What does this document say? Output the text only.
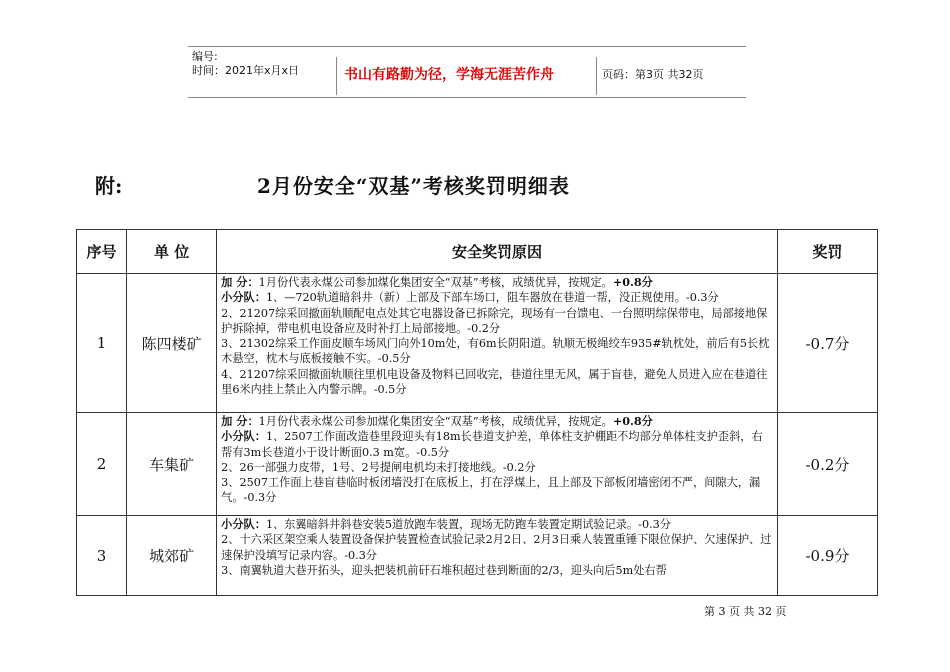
编号:
时间：2021年x月x日	书山有路勤为径，学海无涯苦作舟	页码：第3页 共32页
附:	2月份安全“双基”考核奖罚明细表
序号	单 位	安全奖罚原因	奖罚
1	陈四楼矿	加 分：1月份代表永煤公司参加煤化集团安全“双基”考核，成绩优异，按规定。+0.8分
小分队：1、—720轨道暗斜井（新）上部及下部车场口，阻车器放在巷道一帮，没正规使用。-0.3分
2、21207综采回撤面轨顺配电点处其它电器设备已拆除完，现场有一台馈电、一台照明综保带电，局部接地保护拆除掉，带电机电设备应及时补打上局部接地。-0.2分
3、21302综采工作面皮顺车场风门向外10m处，有6m长阴阳道。轨顺无极绳绞车935#轨枕处，前后有5长枕木悬空，枕木与底板接触不实。-0.5分
4、21207综采回撤面轨顺往里机电设备及物料已回收完，巷道往里无风，属于盲巷，避免人员进入应在巷道往里6米内挂上禁止入内警示牌。-0.5分	-0.7分
2	车集矿	加 分：1月份代表永煤公司参加煤化集团安全“双基”考核，成绩优异，按规定。+0.8分
小分队：1、2507工作面改造巷里段迎头有18m长巷道支护差，单体柱支护棚距不均部分单体柱支护歪斜，右帮有3m长巷道小于设计断面0.3 m宽。-0.5分
2、26一部强力皮带，1号、2号提闸电机均未打接地线。-0.2分
3、2507工作面上巷盲巷临时板闭墙没打在底板上，打在浮煤上，且上部及下部板闭墙密闭不严，间隙大，漏气。-0.3分	-0.2分
3	城郊矿	小分队：1、东翼暗斜井斜巷安装5道放跑车装置，现场无防跑车装置定期试验记录。-0.3分
2、十六采区架空乘人装置设备保护装置检查试验记录2月2日、2月3日乘人装置重锤下限位保护、欠速保护、过速保护没填写记录内容。-0.3分
3、南翼轨道大巷开拓头，迎头把装机前矸石堆积超过巷到断面的2/3，迎头向后5m处右帮	-0.9分
第 3 页 共 32 页
